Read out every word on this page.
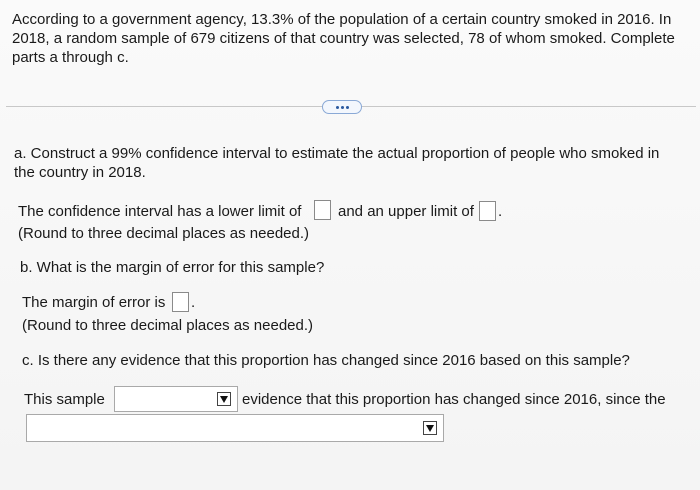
According to a government agency, 13.3% of the population of a certain country smoked in 2016. In 2018, a random sample of 679 citizens of that country was selected, 78 of whom smoked. Complete parts a through c.
a. Construct a 99% confidence interval to estimate the actual proportion of people who smoked in the country in 2018.
The confidence interval has a lower limit of and an upper limit of .
(Round to three decimal places as needed.)
b. What is the margin of error for this sample?
The margin of error is .
(Round to three decimal places as needed.)
c. Is there any evidence that this proportion has changed since 2016 based on this sample?
This sample	evidence that this proportion has changed since 2016, since the
